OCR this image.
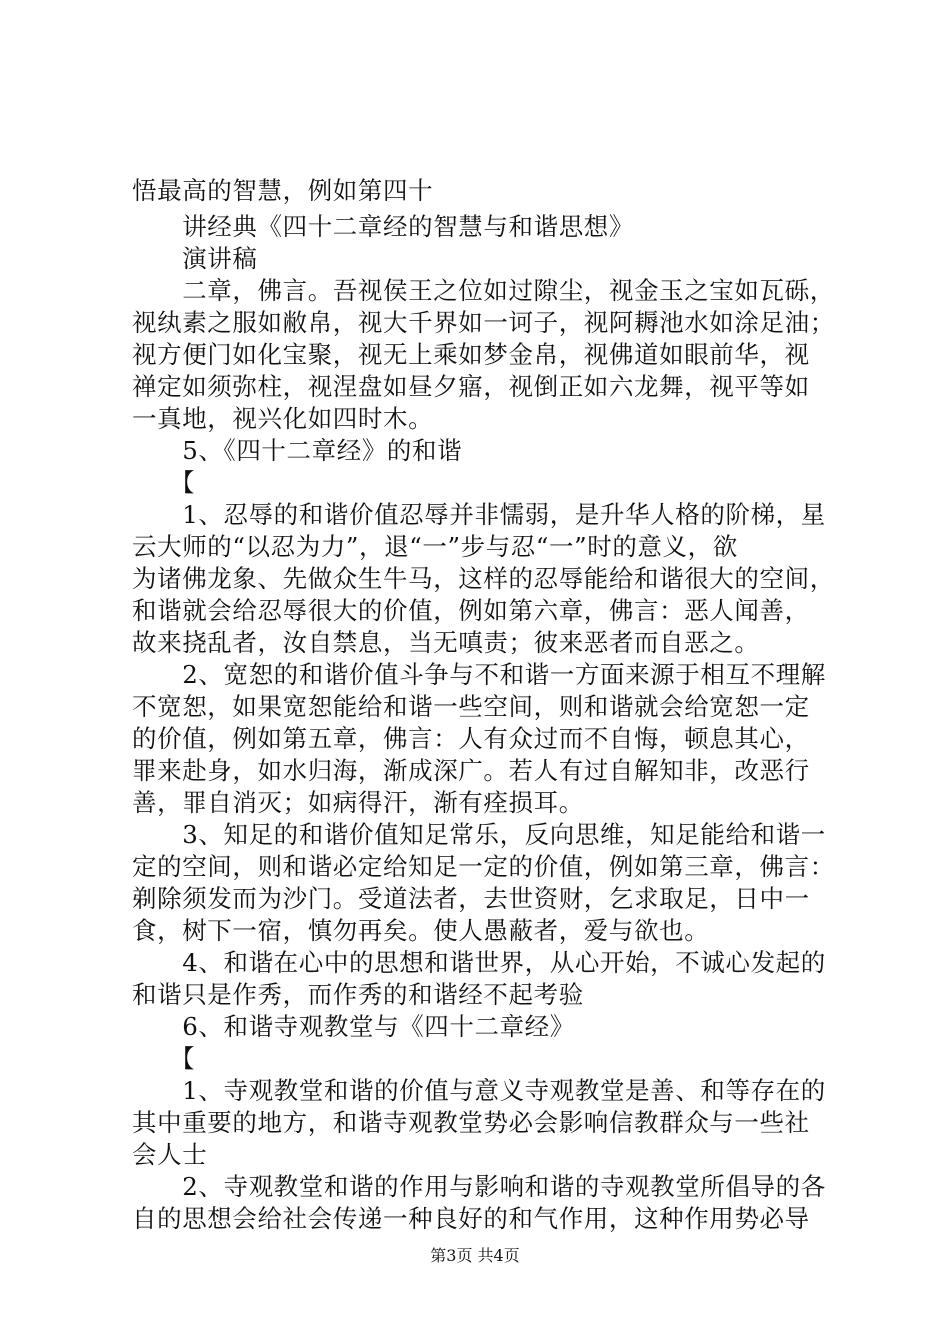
悟最高的智慧，例如第四十
　　讲经典《四十二章经的智慧与和谐思想》
　　演讲稿
　　二章，佛言。吾视侯王之位如过隙尘，视金玉之宝如瓦砾，
视纨素之服如敝帛，视大千界如一诃子，视阿耨池水如涂足油；
视方便门如化宝聚，视无上乘如梦金帛，视佛道如眼前华，视
禅定如须弥柱，视涅盘如昼夕寤，视倒正如六龙舞，视平等如
一真地，视兴化如四时木。
　　5、《四十二章经》的和谐
　　【
　　1、忍辱的和谐价值忍辱并非懦弱，是升华人格的阶梯，星
云大师的“以忍为力”，退“一”步与忍“一”时的意义，欲
为诸佛龙象、先做众生牛马，这样的忍辱能给和谐很大的空间，
和谐就会给忍辱很大的价值，例如第六章，佛言：恶人闻善，
故来挠乱者，汝自禁息，当无嗔责；彼来恶者而自恶之。
　　2、宽恕的和谐价值斗争与不和谐一方面来源于相互不理解
不宽恕，如果宽恕能给和谐一些空间，则和谐就会给宽恕一定
的价值，例如第五章，佛言：人有众过而不自悔，顿息其心，
罪来赴身，如水归海，渐成深广。若人有过自解知非，改恶行
善，罪自消灭；如病得汗，渐有痊损耳。
　　3、知足的和谐价值知足常乐，反向思维，知足能给和谐一
定的空间，则和谐必定给知足一定的价值，例如第三章，佛言：
剃除须发而为沙门。受道法者，去世资财，乞求取足，日中一
食，树下一宿，慎勿再矣。使人愚蔽者，爱与欲也。
　　4、和谐在心中的思想和谐世界，从心开始，不诚心发起的
和谐只是作秀，而作秀的和谐经不起考验
　　6、和谐寺观教堂与《四十二章经》
　　【
　　1、寺观教堂和谐的价值与意义寺观教堂是善、和等存在的
其中重要的地方，和谐寺观教堂势必会影响信教群众与一些社
会人士
　　2、寺观教堂和谐的作用与影响和谐的寺观教堂所倡导的各
自的思想会给社会传递一种良好的和气作用，这种作用势必导
第3页 共4页
